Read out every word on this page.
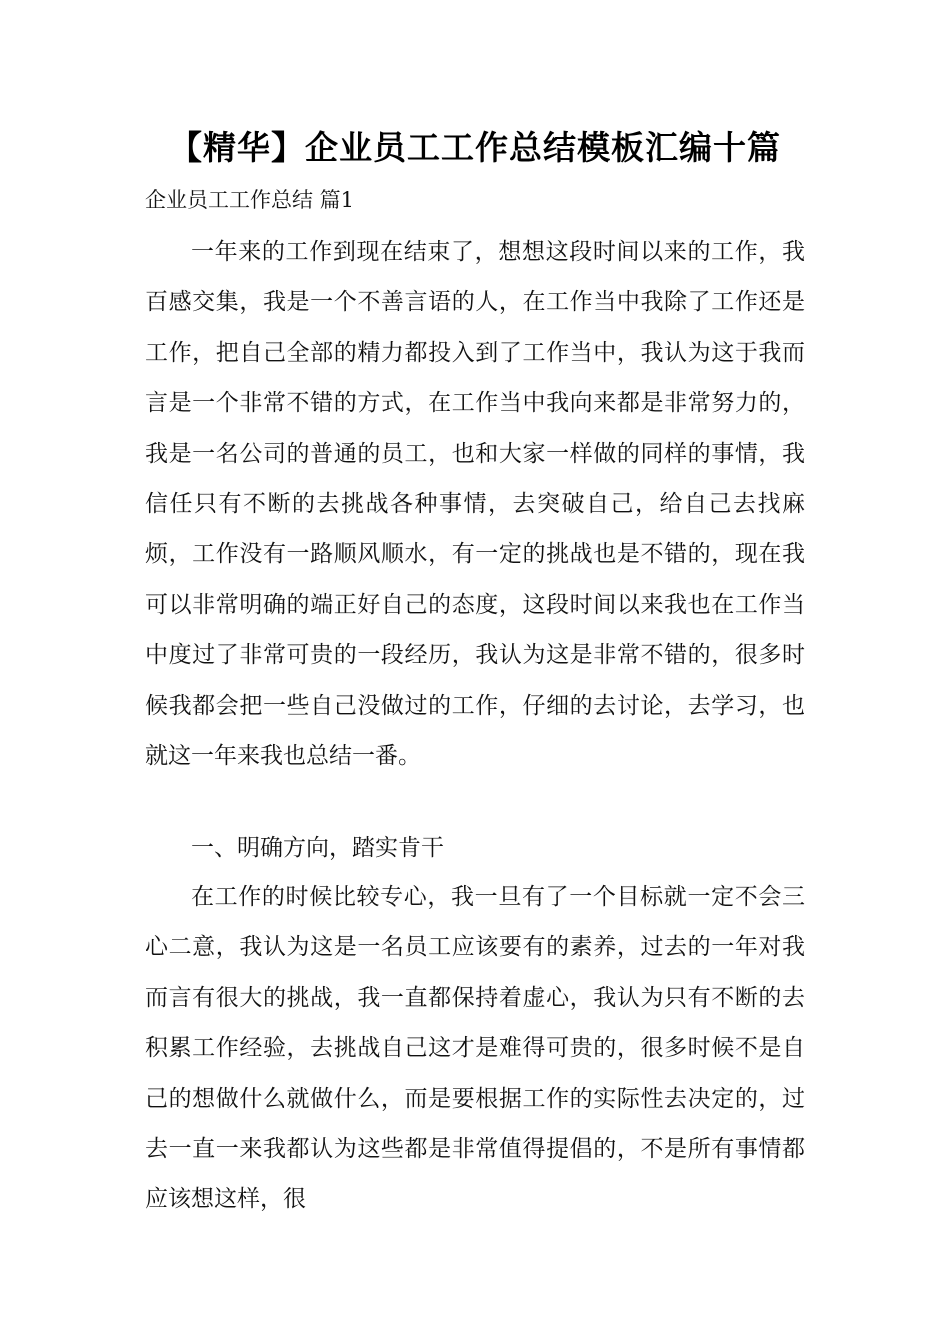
【精华】企业员工工作总结模板汇编十篇
企业员工工作总结 篇1

一年来的工作到现在结束了，想想这段时间以来的工作，我百感交集，我是一个不善言语的人，在工作当中我除了工作还是工作，把自己全部的精力都投入到了工作当中，我认为这于我而言是一个非常不错的方式，在工作当中我向来都是非常努力的，我是一名公司的普通的员工，也和大家一样做的同样的事情，我信任只有不断的去挑战各种事情，去突破自己，给自己去找麻烦，工作没有一路顺风顺水，有一定的挑战也是不错的，现在我可以非常明确的端正好自己的态度，这段时间以来我也在工作当中度过了非常可贵的一段经历，我认为这是非常不错的，很多时候我都会把一些自己没做过的工作，仔细的去讨论，去学习，也就这一年来我也总结一番。

一、明确方向，踏实肯干

在工作的时候比较专心，我一旦有了一个目标就一定不会三心二意，我认为这是一名员工应该要有的素养，过去的一年对我而言有很大的挑战，我一直都保持着虚心，我认为只有不断的去积累工作经验，去挑战自己这才是难得可贵的，很多时候不是自己的想做什么就做什么，而是要根据工作的实际性去决定的，过去一直一来我都认为这些都是非常值得提倡的，不是所有事情都应该想这样，很
